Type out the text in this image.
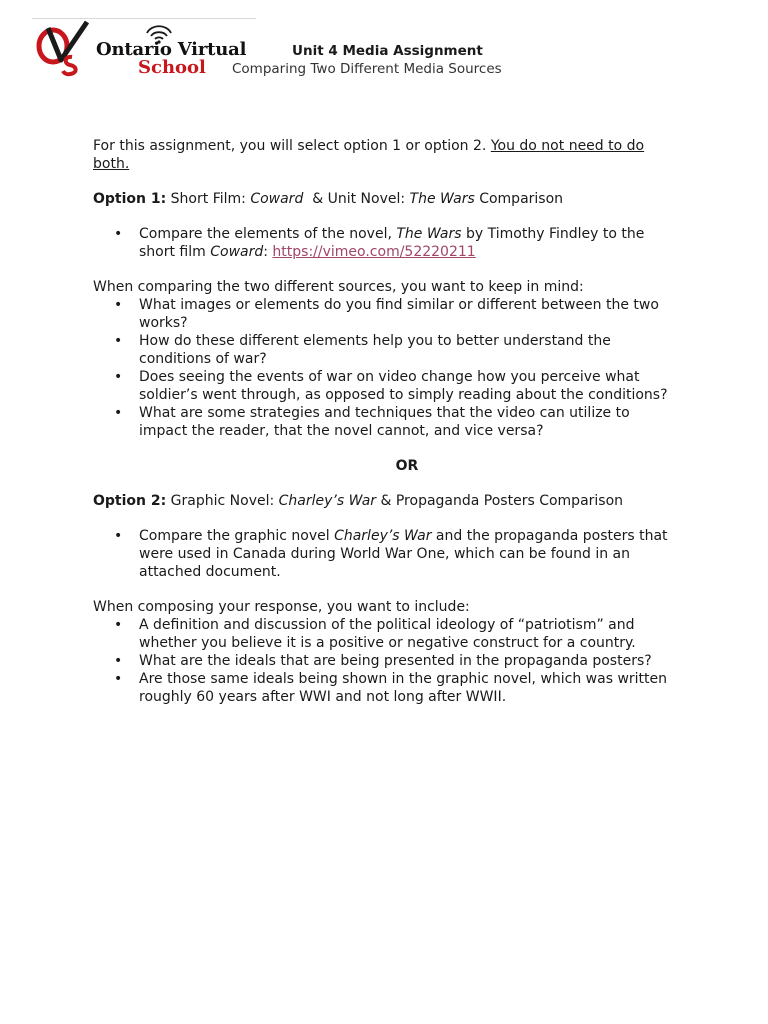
Ontario Virtual
School
Unit 4 Media Assignment
Comparing Two Different Media Sources

For this assignment, you will select option 1 or option 2. You do not need to do both.

Option 1: Short Film: Coward  & Unit Novel: The Wars Comparison

• Compare the elements of the novel, The Wars by Timothy Findley to the short film Coward: https://vimeo.com/52220211

When comparing the two different sources, you want to keep in mind:

• What images or elements do you find similar or different between the two works?
• How do these different elements help you to better understand the conditions of war?
• Does seeing the events of war on video change how you perceive what soldier’s went through, as opposed to simply reading about the conditions?
• What are some strategies and techniques that the video can utilize to impact the reader, that the novel cannot, and vice versa?

OR

Option 2: Graphic Novel: Charley’s War & Propaganda Posters Comparison

• Compare the graphic novel Charley’s War and the propaganda posters that were used in Canada during World War One, which can be found in an attached document.

When composing your response, you want to include:

• A definition and discussion of the political ideology of “patriotism” and whether you believe it is a positive or negative construct for a country.
• What are the ideals that are being presented in the propaganda posters?
• Are those same ideals being shown in the graphic novel, which was written roughly 60 years after WWI and not long after WWII.
